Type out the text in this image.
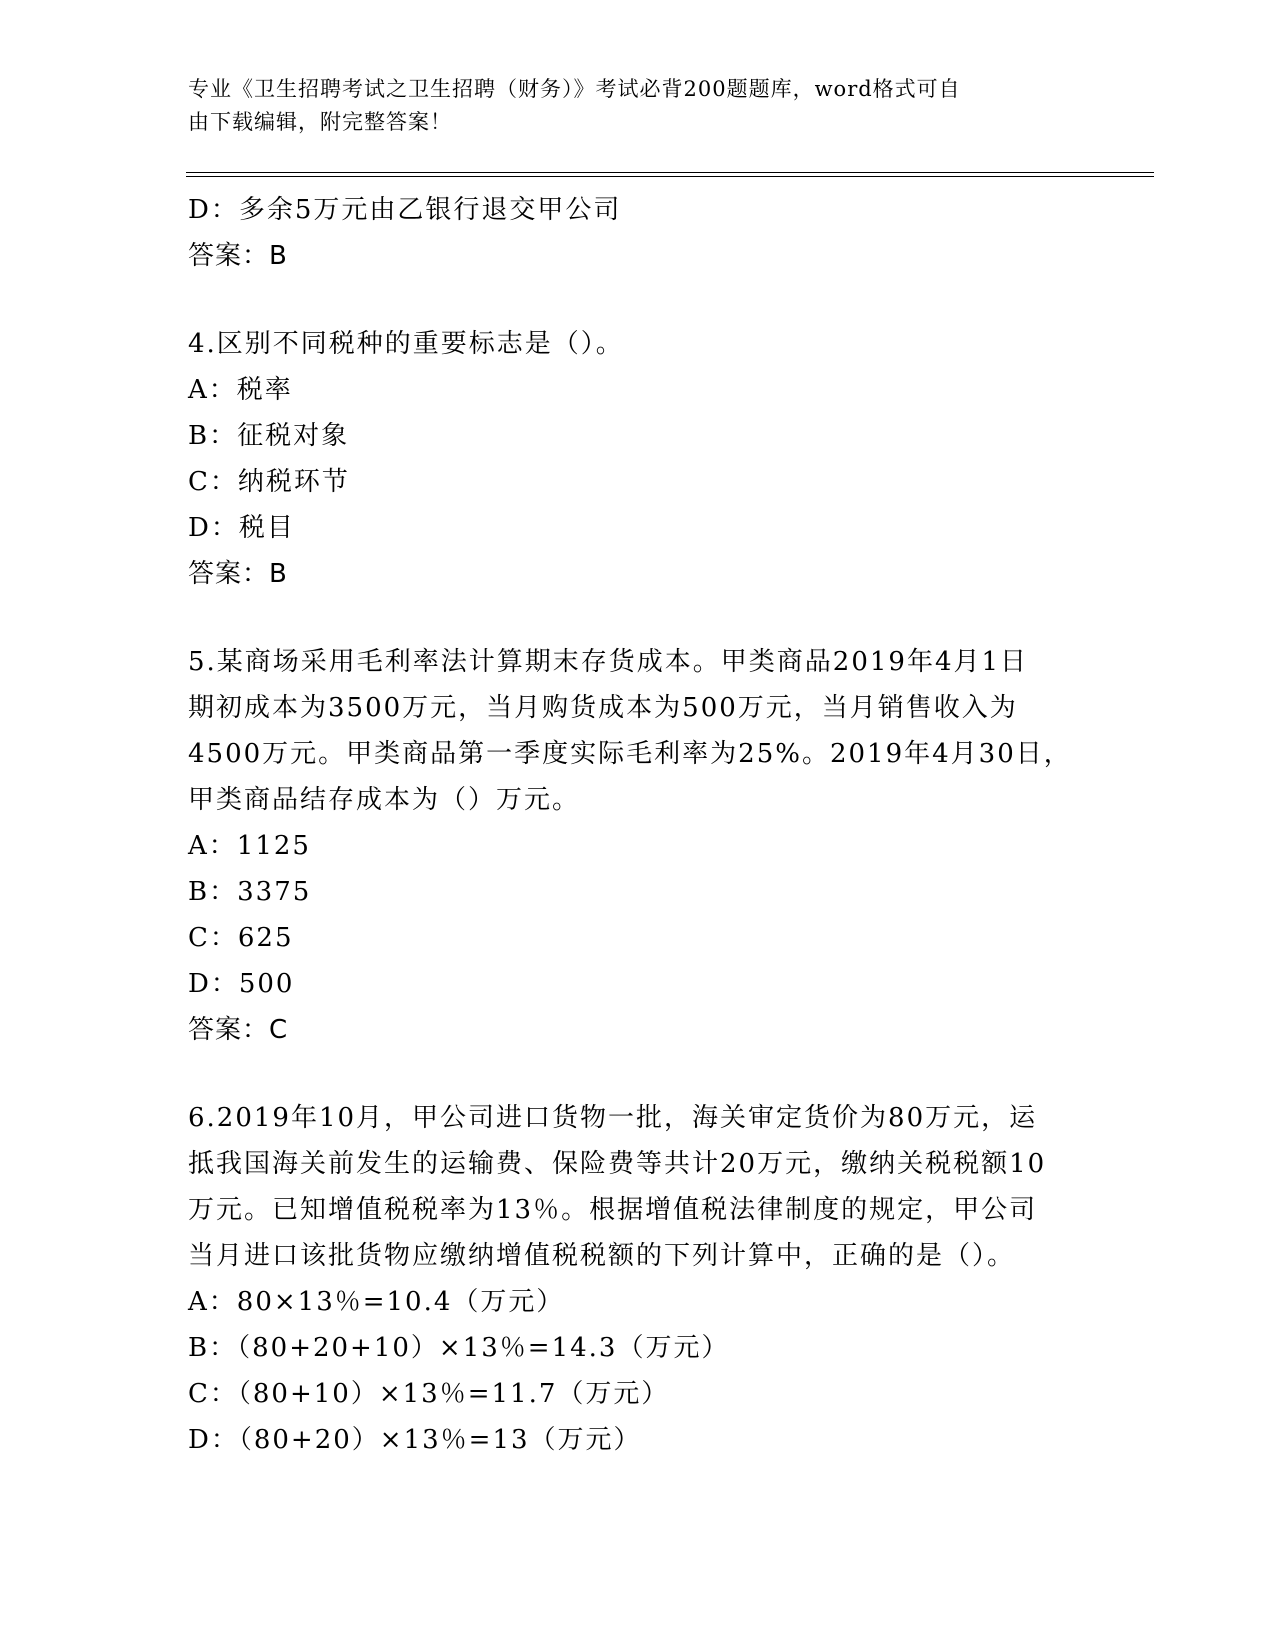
专业《卫生招聘考试之卫生招聘（财务）》考试必背200题题库，word格式可自
由下载编辑，附完整答案！
D：多余5万元由乙银行退交甲公司
答案：B
4.区别不同税种的重要标志是（）。
A：税率
B：征税对象
C：纳税环节
D：税目
答案：B
5.某商场采用毛利率法计算期末存货成本。甲类商品2019年4月1日
期初成本为3500万元，当月购货成本为500万元，当月销售收入为
4500万元。甲类商品第一季度实际毛利率为25%。2019年4月30日，
甲类商品结存成本为（）万元。
A：1125
B：3375
C：625
D：500
答案：C
6.2019年10月，甲公司进口货物一批，海关审定货价为80万元，运
抵我国海关前发生的运输费、保险费等共计20万元，缴纳关税税额10
万元。已知增值税税率为13％。根据增值税法律制度的规定，甲公司
当月进口该批货物应缴纳增值税税额的下列计算中，正确的是（）。
A：80×13％=10.4（万元）
B：（80+20+10）×13％=14.3（万元）
C：（80+10）×13％=11.7（万元）
D：（80+20）×13％=13（万元）
